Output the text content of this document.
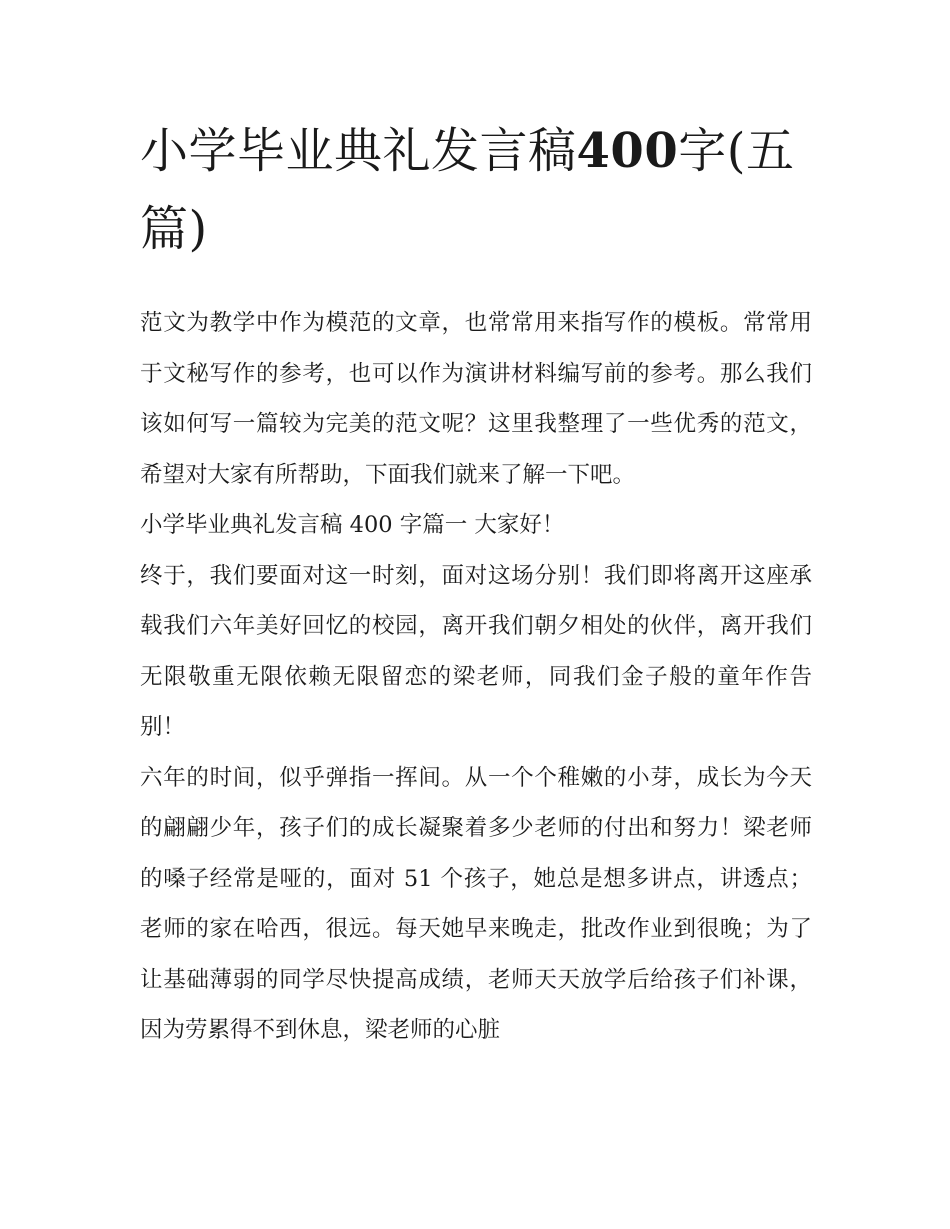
小学毕业典礼发言稿400字(五篇)

范文为教学中作为模范的文章，也常常用来指写作的模板。常常用于文秘写作的参考，也可以作为演讲材料编写前的参考。那么我们该如何写一篇较为完美的范文呢？这里我整理了一些优秀的范文，希望对大家有所帮助，下面我们就来了解一下吧。

小学毕业典礼发言稿 400 字篇一 大家好！

终于，我们要面对这一时刻，面对这场分别！我们即将离开这座承载我们六年美好回忆的校园，离开我们朝夕相处的伙伴，离开我们无限敬重无限依赖无限留恋的梁老师，同我们金子般的童年作告别！

六年的时间，似乎弹指一挥间。从一个个稚嫩的小芽，成长为今天的翩翩少年，孩子们的成长凝聚着多少老师的付出和努力！梁老师的嗓子经常是哑的，面对 51 个孩子，她总是想多讲点，讲透点；老师的家在哈西，很远。每天她早来晚走，批改作业到很晚；为了让基础薄弱的同学尽快提高成绩，老师天天放学后给孩子们补课，因为劳累得不到休息，梁老师的心脏
